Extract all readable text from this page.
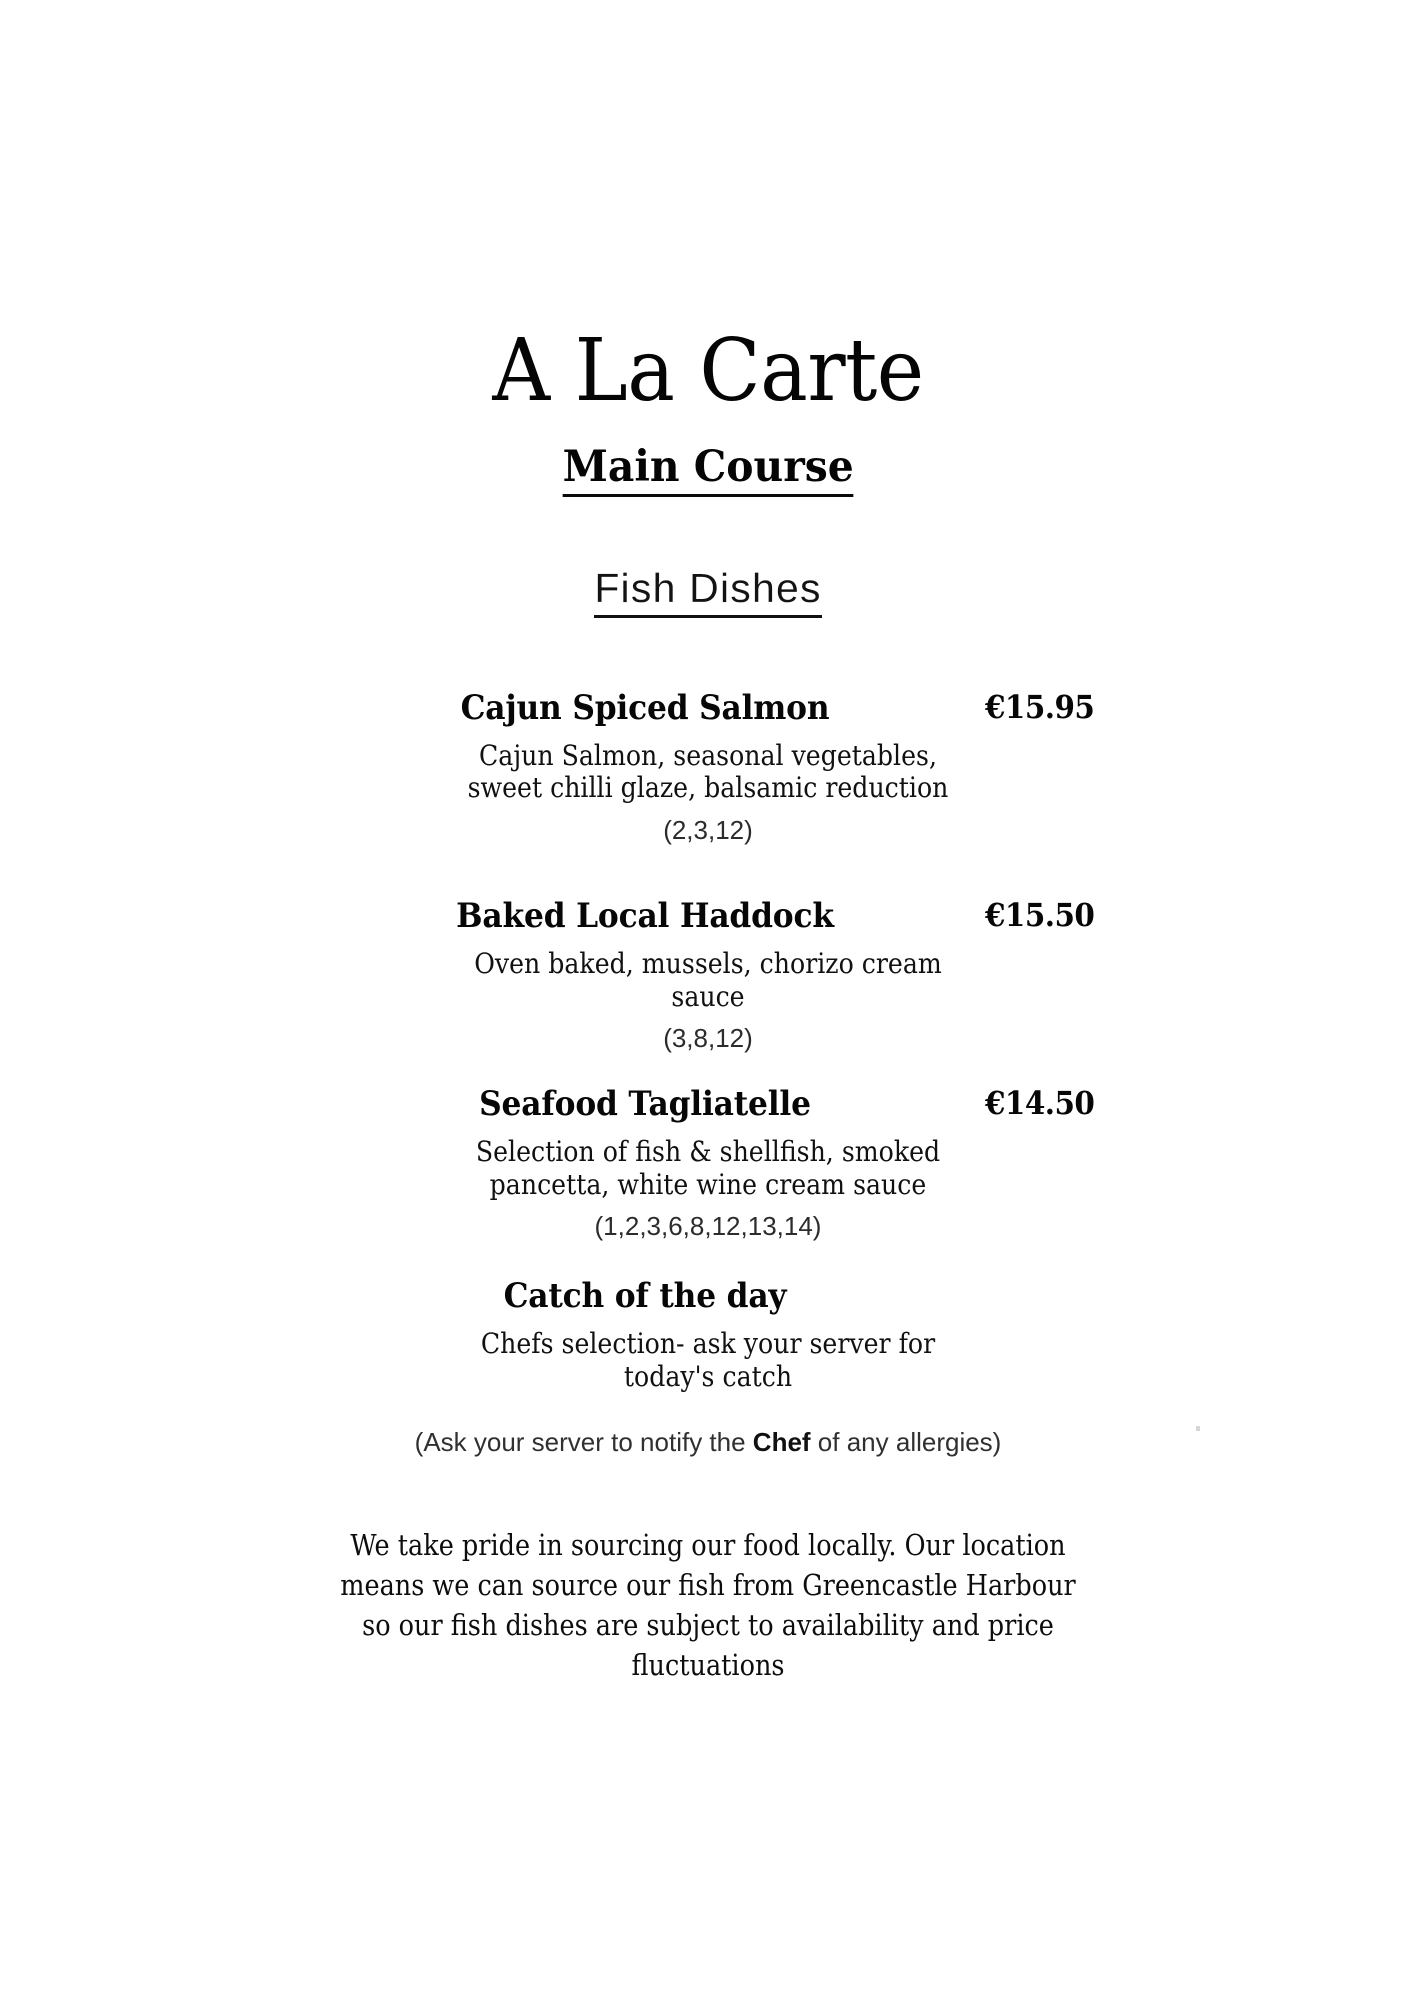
A La Carte
Main Course
Fish Dishes
Cajun Spiced Salmon	€15.95
Cajun Salmon, seasonal vegetables,
sweet chilli glaze, balsamic reduction
(2,3,12)
Baked Local Haddock	€15.50
Oven baked, mussels, chorizo cream
sauce
(3,8,12)
Seafood Tagliatelle	€14.50
Selection of fish & shellfish, smoked
pancetta, white wine cream sauce
(1,2,3,6,8,12,13,14)
Catch of the day
Chefs selection- ask your server for
today's catch
(Ask your server to notify the Chef of any allergies)
We take pride in sourcing our food locally. Our location
means we can source our fish from Greencastle Harbour
so our fish dishes are subject to availability and price
fluctuations
